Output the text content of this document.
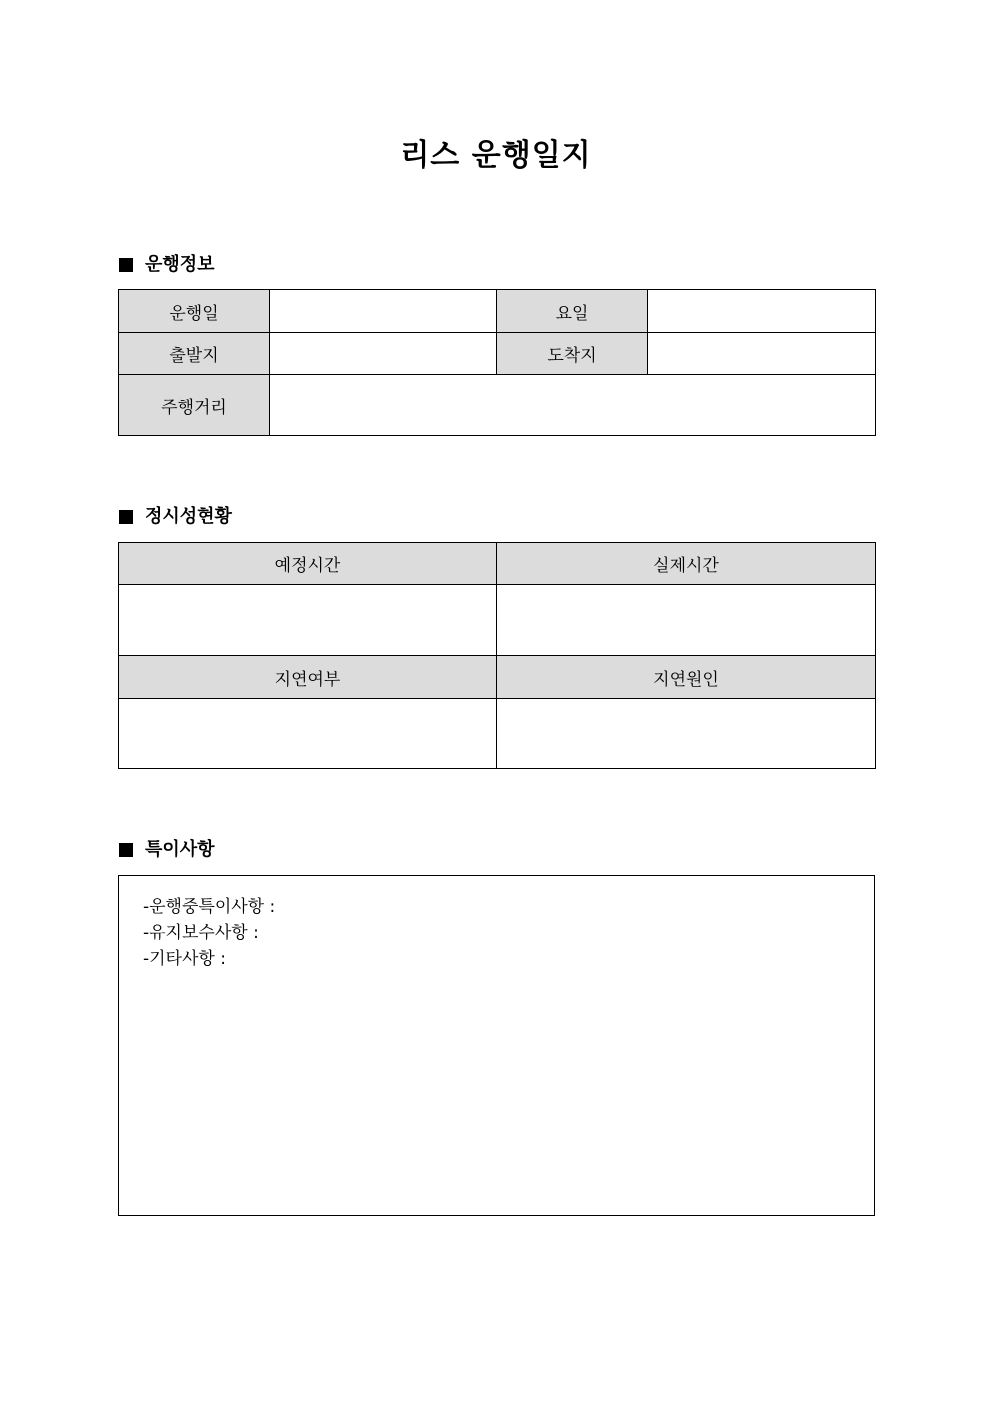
리스 운행일지
운행정보
운행일		요일	
출발지		도착지	
주행거리			
정시성현황
예정시간	실제시간

지연여부	지연원인

특이사항
-운행중특이사항 :
-유지보수사항 :
-기타사항 :
